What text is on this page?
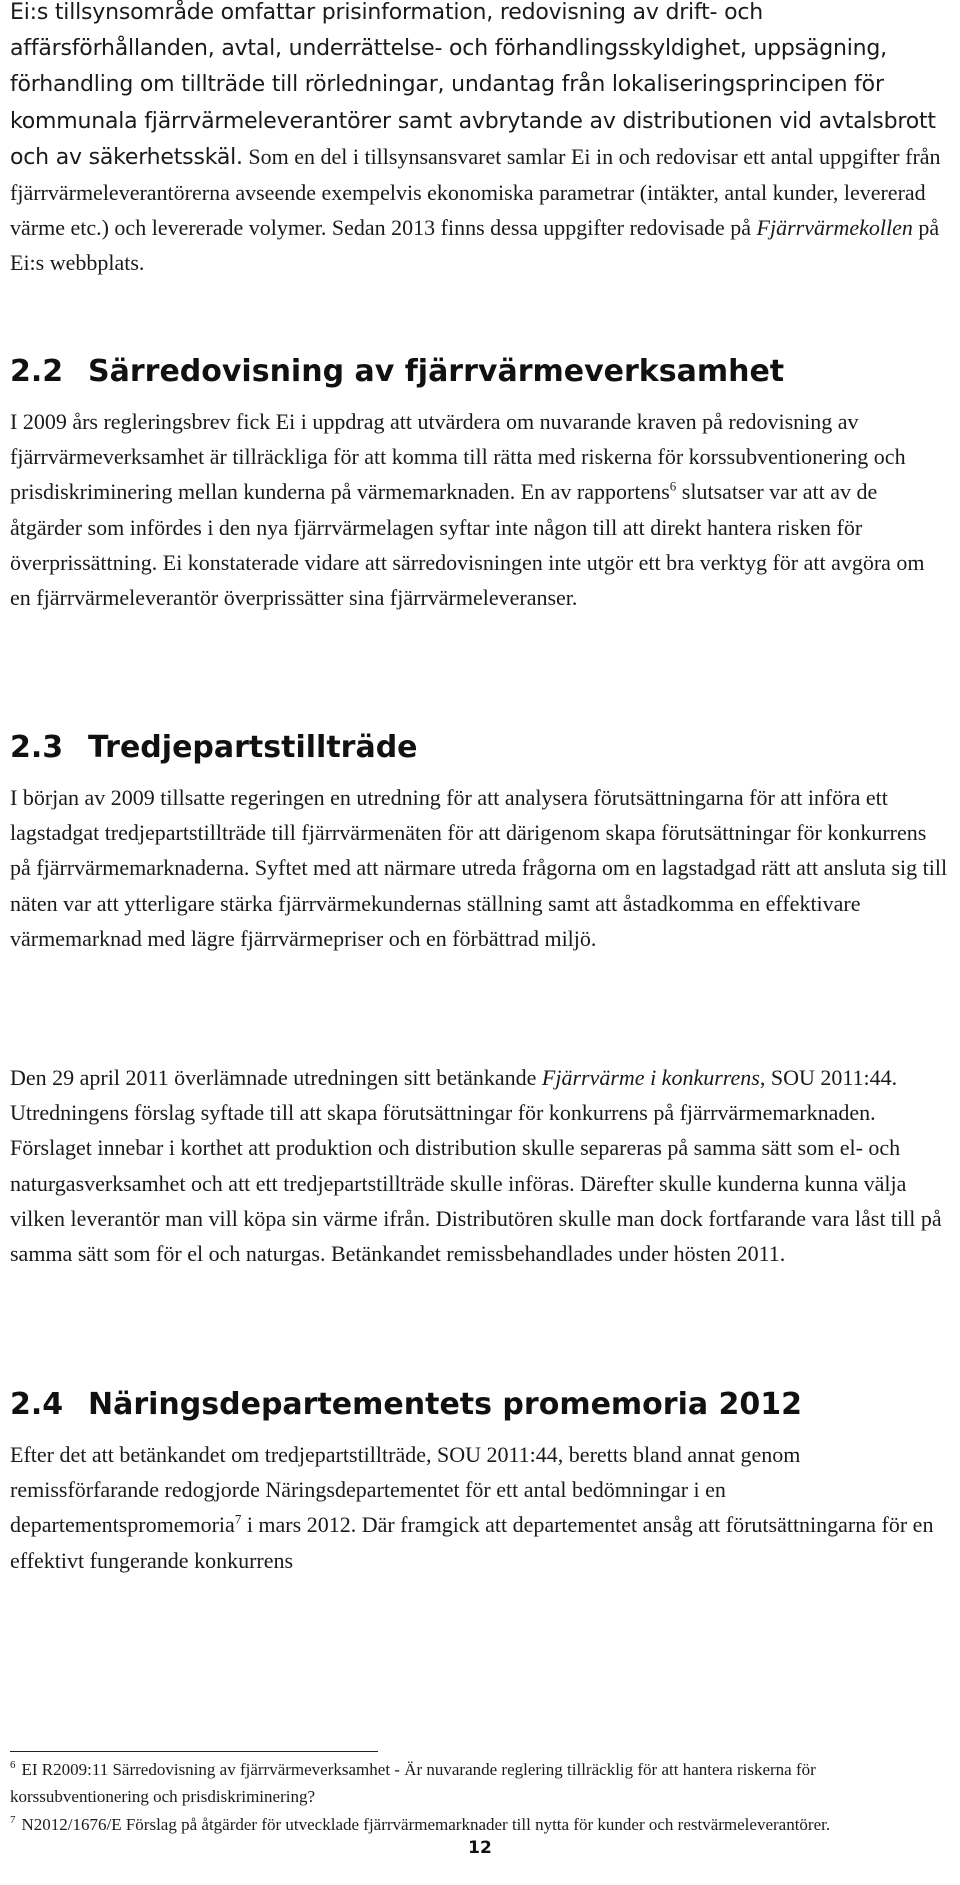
Ei:s tillsynsområde omfattar prisinformation, redovisning av drift- och affärsförhållanden, avtal, underrättelse- och förhandlingsskyldighet, uppsägning, förhandling om tillträde till rörledningar, undantag från lokaliseringsprincipen för kommunala fjärrvärmeleverantörer samt avbrytande av distributionen vid avtalsbrott och av säkerhetsskäl. Som en del i tillsynsansvaret samlar Ei in och redovisar ett antal uppgifter från fjärrvärmeleverantörerna avseende exempelvis ekonomiska parametrar (intäkter, antal kunder, levererad värme etc.) och levererade volymer. Sedan 2013 finns dessa uppgifter redovisade på Fjärrvärmekollen på Ei:s webbplats.

2.2 Särredovisning av fjärrvärmeverksamhet

I 2009 års regleringsbrev fick Ei i uppdrag att utvärdera om nuvarande kraven på redovisning av fjärrvärmeverksamhet är tillräckliga för att komma till rätta med riskerna för korssubventionering och prisdiskriminering mellan kunderna på värmemarknaden. En av rapportens$^6$ slutsatser var att av de åtgärder som infördes i den nya fjärrvärmelagen syftar inte någon till att direkt hantera risken för överprissättning. Ei konstaterade vidare att särredovisningen inte utgör ett bra verktyg för att avgöra om en fjärrvärmeleverantör överprissätter sina fjärrvärmeleveranser.

2.3 Tredjepartstillträde

I början av 2009 tillsatte regeringen en utredning för att analysera förutsättningarna för att införa ett lagstadgat tredjepartstillträde till fjärrvärmenäten för att därigenom skapa förutsättningar för konkurrens på fjärrvärmemarknaderna. Syftet med att närmare utreda frågorna om en lagstadgad rätt att ansluta sig till näten var att ytterligare stärka fjärrvärmekundernas ställning samt att åstadkomma en effektivare värmemarknad med lägre fjärrvärmepriser och en förbättrad miljö.

Den 29 april 2011 överlämnade utredningen sitt betänkande Fjärrvärme i konkurrens, SOU 2011:44. Utredningens förslag syftade till att skapa förutsättningar för konkurrens på fjärrvärmemarknaden. Förslaget innebar i korthet att produktion och distribution skulle separeras på samma sätt som el- och naturgasverksamhet och att ett tredjepartstillträde skulle införas. Därefter skulle kunderna kunna välja vilken leverantör man vill köpa sin värme ifrån. Distributören skulle man dock fortfarande vara låst till på samma sätt som för el och naturgas. Betänkandet remissbehandlades under hösten 2011.

2.4 Näringsdepartementets promemoria 2012

Efter det att betänkandet om tredjepartstillträde, SOU 2011:44, beretts bland annat genom remissförfarande redogjorde Näringsdepartementet för ett antal bedömningar i en departementspromemoria$^7$ i mars 2012. Där framgick att departementet ansåg att förutsättningarna för en effektivt fungerande konkurrens

$^6$ EI R2009:11 Särredovisning av fjärrvärmeverksamhet - Är nuvarande reglering tillräcklig för att hantera riskerna för korssubventionering och prisdiskriminering?

$^7$ N2012/1676/E Förslag på åtgärder för utvecklade fjärrvärmemarknader till nytta för kunder och restvärmeleverantörer.

12
